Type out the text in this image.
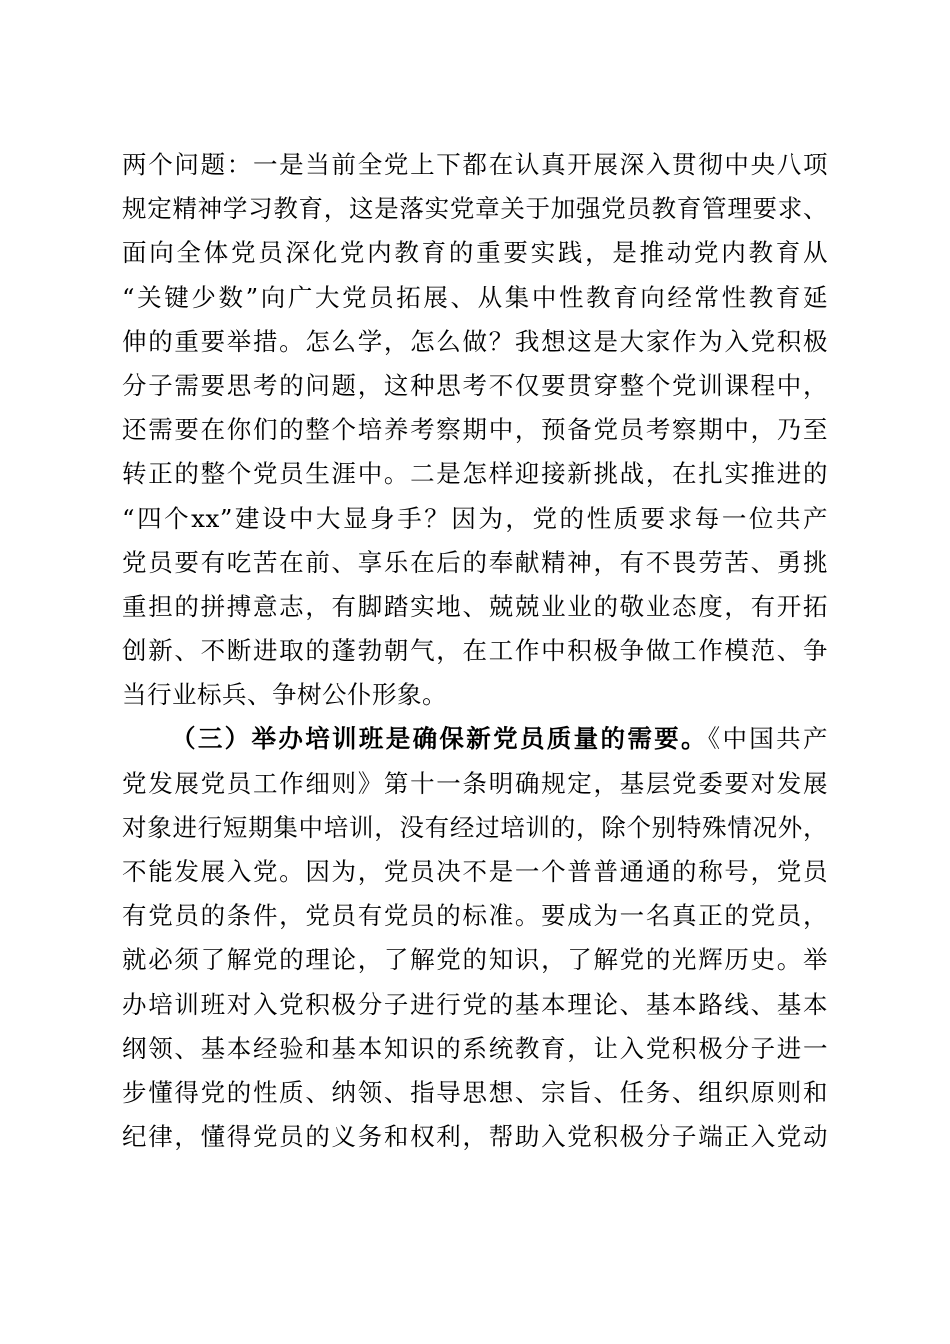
两个问题：一是当前全党上下都在认真开展深入贯彻中央八项
规定精神学习教育，这是落实党章关于加强党员教育管理要求、
面向全体党员深化党内教育的重要实践，是推动党内教育从
“关键少数”向广大党员拓展、从集中性教育向经常性教育延
伸的重要举措。怎么学，怎么做？我想这是大家作为入党积极
分子需要思考的问题，这种思考不仅要贯穿整个党训课程中，
还需要在你们的整个培养考察期中，预备党员考察期中，乃至
转正的整个党员生涯中。二是怎样迎接新挑战，在扎实推进的
“四个xx”建设中大显身手？因为，党的性质要求每一位共产
党员要有吃苦在前、享乐在后的奉献精神，有不畏劳苦、勇挑
重担的拼搏意志，有脚踏实地、兢兢业业的敬业态度，有开拓
创新、不断进取的蓬勃朝气，在工作中积极争做工作模范、争
当行业标兵、争树公仆形象。
（三）举办培训班是确保新党员质量的需要。《中国共产
党发展党员工作细则》第十一条明确规定，基层党委要对发展
对象进行短期集中培训，没有经过培训的，除个别特殊情况外，
不能发展入党。因为，党员决不是一个普普通通的称号，党员
有党员的条件，党员有党员的标准。要成为一名真正的党员，
就必须了解党的理论，了解党的知识，了解党的光辉历史。举
办培训班对入党积极分子进行党的基本理论、基本路线、基本
纲领、基本经验和基本知识的系统教育，让入党积极分子进一
步懂得党的性质、纳领、指导思想、宗旨、任务、组织原则和
纪律，懂得党员的义务和权利，帮助入党积极分子端正入党动
